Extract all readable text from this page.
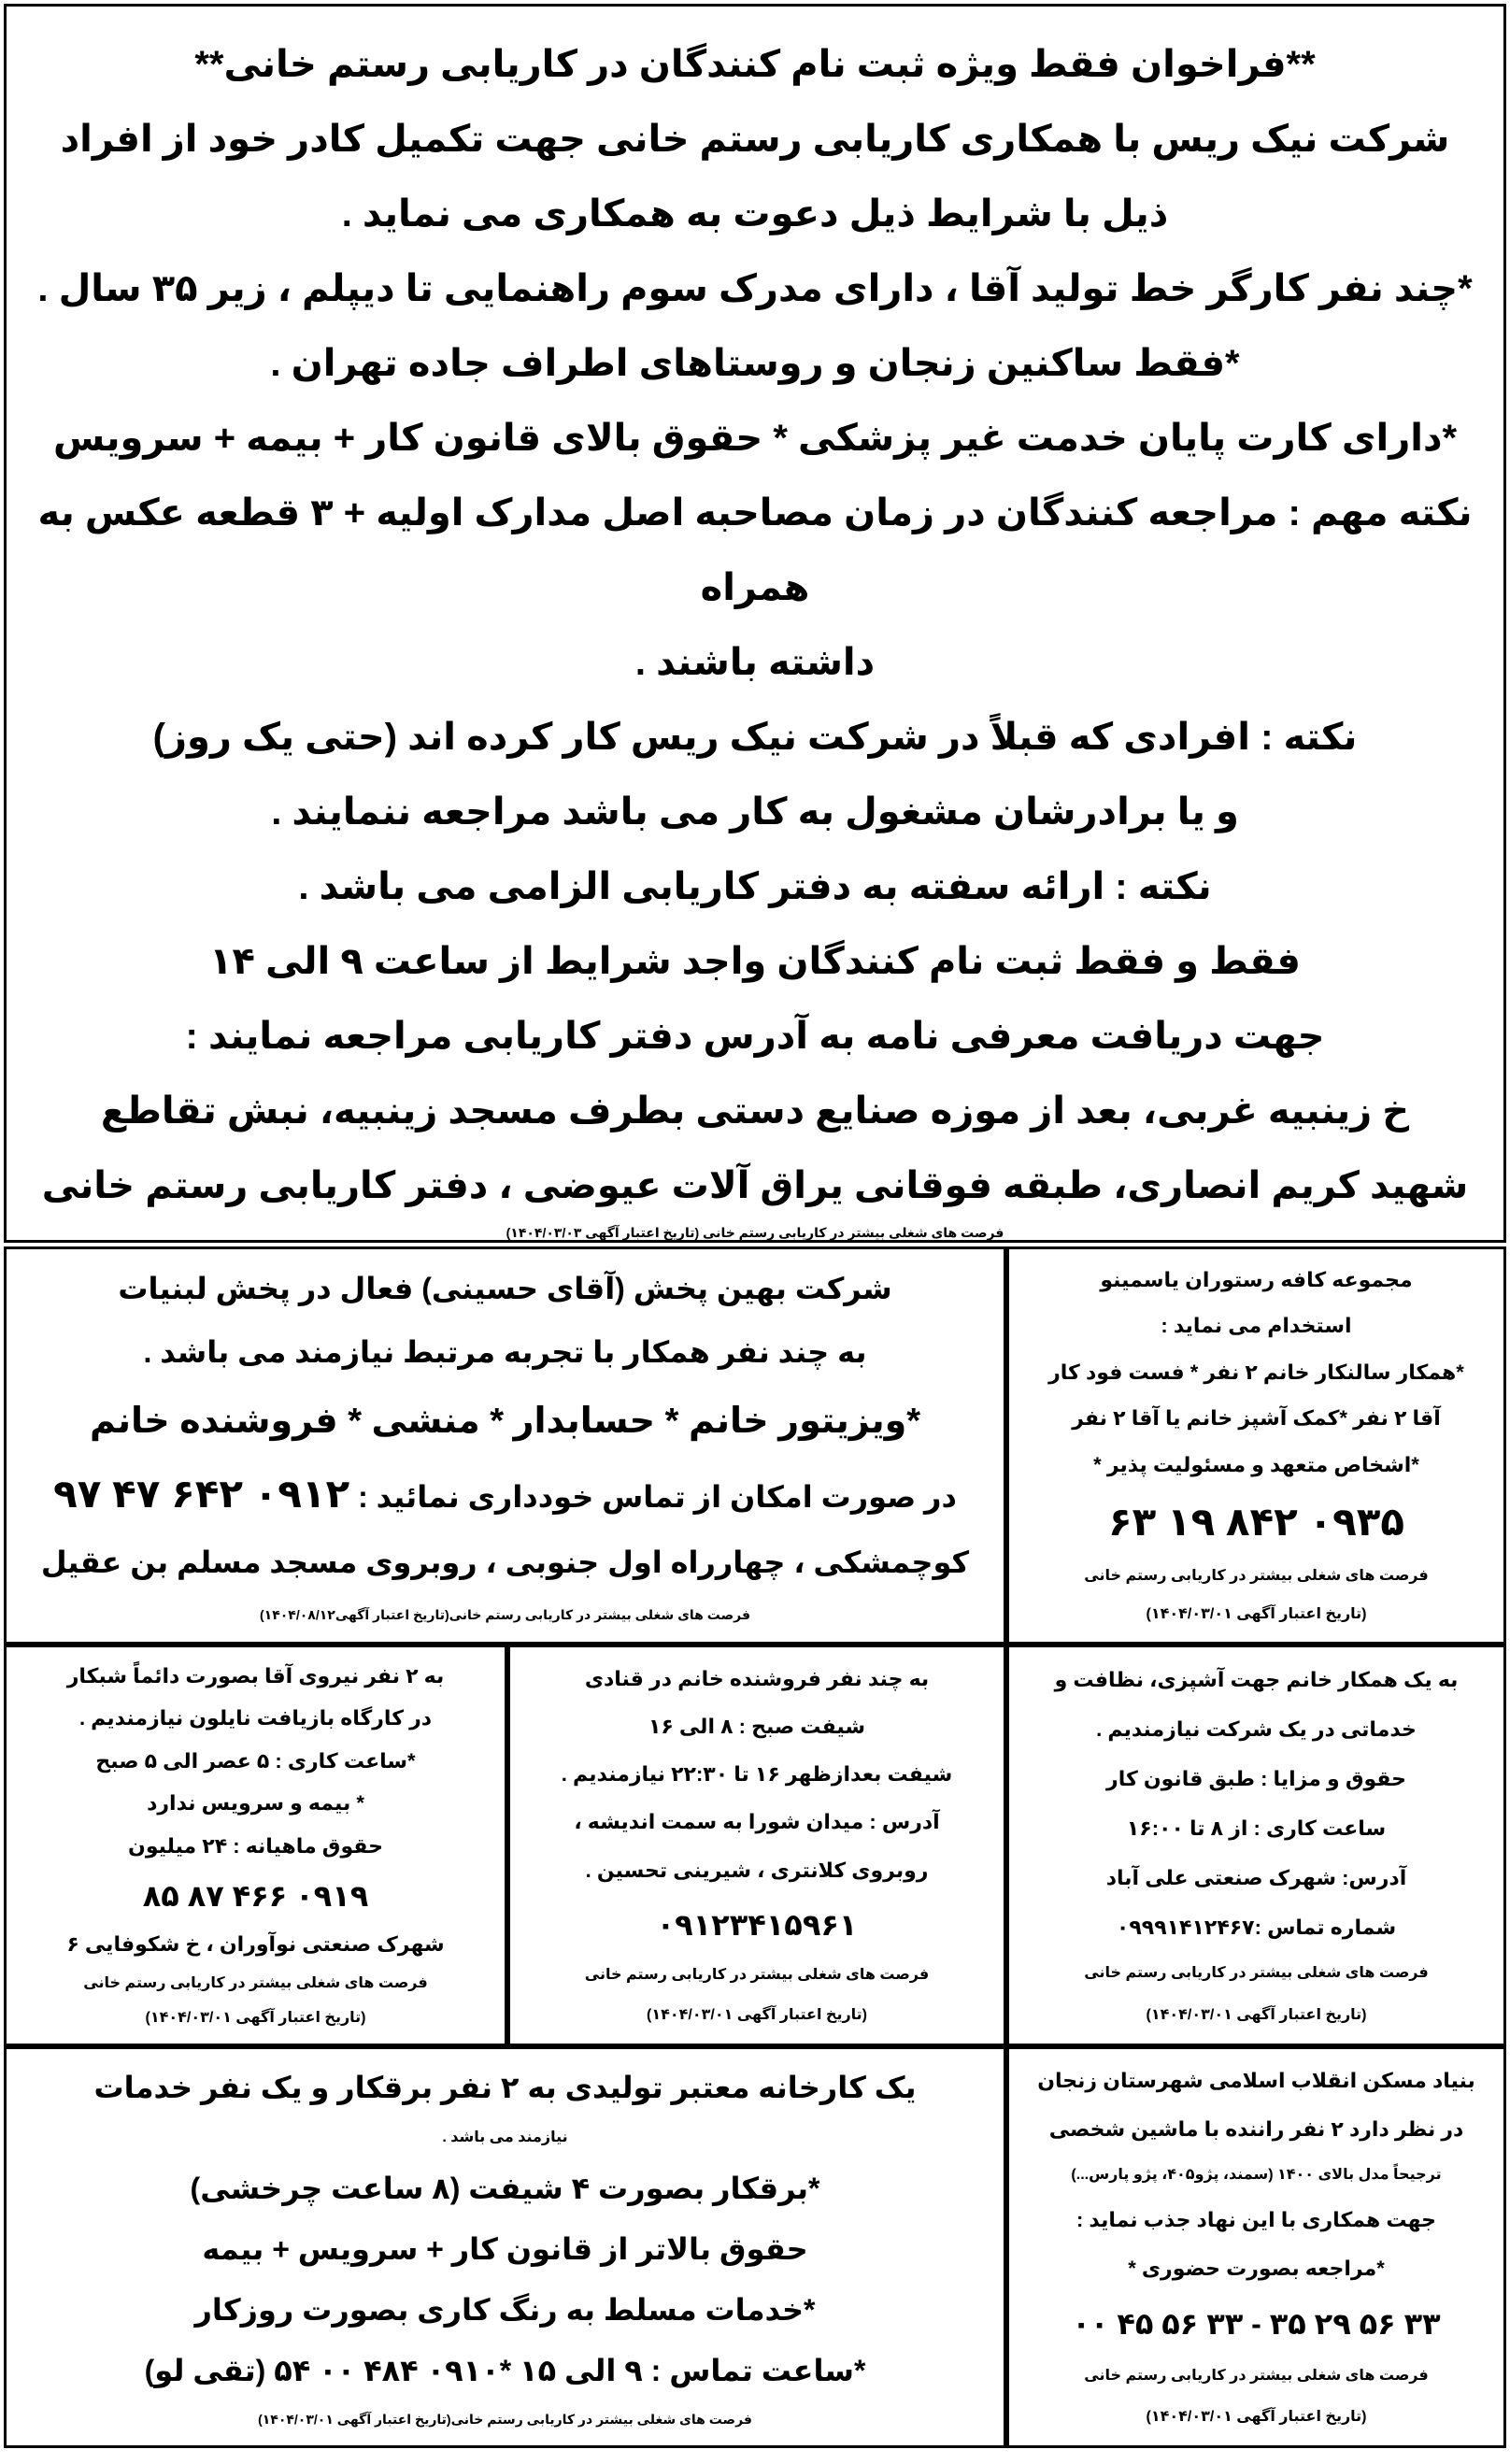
**فراخوان فقط ویژه ثبت نام کنندگان در کاریابی رستم خانی**
شرکت نیک ریس با همکاری کاریابی رستم خانی جهت تکمیل کادر خود از افراد
ذیل با شرایط ذیل دعوت به همکاری می نماید .
*چند نفر کارگر خط تولید آقا ، دارای مدرک سوم راهنمایی تا دیپلم ، زیر ۳۵ سال .
*فقط ساکنین زنجان و روستاهای اطراف جاده تهران .
*دارای کارت پایان خدمت غیر پزشکی * حقوق بالای قانون کار + بیمه + سرویس
نکته مهم : مراجعه کنندگان در زمان مصاحبه اصل مدارک اولیه + ۳ قطعه عکس به همراه
داشته باشند .
نکته : افرادی که قبلاً در شرکت نیک ریس کار کرده اند (حتی یک روز)
و یا برادرشان مشغول به کار می باشد مراجعه ننمایند .
نکته : ارائه سفته به دفتر کاریابی الزامی می باشد .
فقط و فقط ثبت نام کنندگان واجد شرایط از ساعت ۹ الی ۱۴
جهت دریافت معرفی نامه به آدرس دفتر کاریابی مراجعه نمایند :
خ زینبیه غربی، بعد از موزه صنایع دستی بطرف مسجد زینبیه، نبش تقاطع
شهید کریم انصاری، طبقه فوقانی یراق آلات عیوضی ، دفتر کاریابی رستم خانی
فرصت های شغلی بیشتر در کاریابی رستم خانی (تاریخ اعتبار آگهی ۱۴۰۴/۰۳/۰۳)
شرکت بهین پخش (آقای حسینی) فعال در پخش لبنیات
به چند نفر همکار با تجربه مرتبط نیازمند می باشد .
*ویزیتور خانم * حسابدار * منشی * فروشنده خانم
در صورت امکان از تماس خودداری نمائید : ۰۹۱۲ ۶۴۲ ۴۷ ۹۷
کوچمشکی ، چهارراه اول جنوبی ، روبروی مسجد مسلم بن عقیل
فرصت های شغلی بیشتر در کاریابی رستم خانی(تاریخ اعتبار آگهی۱۴۰۴/۰۸/۱۲)
مجموعه کافه رستوران یاسمینو
استخدام می نماید :
*همکار سالنکار خانم ۲ نفر * فست فود کار
آقا ۲ نفر *کمک آشپز خانم یا آقا ۲ نفر
*اشخاص متعهد و مسئولیت پذیر *
۰۹۳۵ ۸۴۲ ۱۹ ۶۳
فرصت های شغلی بیشتر در کاریابی رستم خانی
(تاریخ اعتبار آگهی ۱۴۰۴/۰۳/۰۱)
به ۲ نفر نیروی آقا بصورت دائماً شبکار
در کارگاه بازیافت نایلون نیازمندیم .
*ساعت کاری : ۵ عصر الی ۵ صبح
* بیمه و سرویس ندارد
حقوق ماهیانه : ۲۴ میلیون
۰۹۱۹ ۴۶۶ ۸۷ ۸۵
شهرک صنعتی نوآوران ، خ شکوفایی ۶
فرصت های شغلی بیشتر در کاریابی رستم خانی
(تاریخ اعتبار آگهی ۱۴۰۴/۰۳/۰۱)
به چند نفر فروشنده خانم در قنادی
شیفت صبح : ۸ الی ۱۶
شیفت بعدازظهر ۱۶ تا ۲۲:۳۰ نیازمندیم .
آدرس : میدان شورا به سمت اندیشه ،
روبروی کلانتری ، شیرینی تحسین .
۰۹۱۲۳۴۱۵۹۶۱
فرصت های شغلی بیشتر در کاریابی رستم خانی
(تاریخ اعتبار آگهی ۱۴۰۴/۰۳/۰۱)
به یک همکار خانم جهت آشپزی، نظافت و
خدماتی در یک شرکت نیازمندیم .
حقوق و مزایا : طبق قانون کار
ساعت کاری : از ۸ تا ۱۶:۰۰
آدرس: شهرک صنعتی علی آباد
شماره تماس :۰۹۹۹۱۴۱۲۴۶۷
فرصت های شغلی بیشتر در کاریابی رستم خانی
(تاریخ اعتبار آگهی ۱۴۰۴/۰۳/۰۱)
یک کارخانه معتبر تولیدی به ۲ نفر برقکار و یک نفر خدمات
نیازمند می باشد .
*برقکار بصورت ۴ شیفت (۸ ساعت چرخشی)
حقوق بالاتر از قانون کار + سرویس + بیمه
*خدمات مسلط به رنگ کاری بصورت روزکار
*ساعت تماس : ۹ الی ۱۵ *۰۹۱۰ ۴۸۴ ۰۰ ۵۴ (تقی لو)
فرصت های شغلی بیشتر در کاریابی رستم خانی(تاریخ اعتبار آگهی ۱۴۰۴/۰۳/۰۱)
بنیاد مسکن انقلاب اسلامی شهرستان زنجان
در نظر دارد ۲ نفر راننده با ماشین شخصی
ترجیحاً مدل بالای ۱۴۰۰ (سمند، پژو۴۰۵، پژو پارس...)
جهت همکاری با این نهاد جذب نماید :
*مراجعه بصورت حضوری *
۳۳ ۵۶ ۲۹ ۳۵ - ۳۳ ۵۶ ۴۵ ۰۰
فرصت های شغلی بیشتر در کاریابی رستم خانی
(تاریخ اعتبار آگهی ۱۴۰۴/۰۳/۰۱)
